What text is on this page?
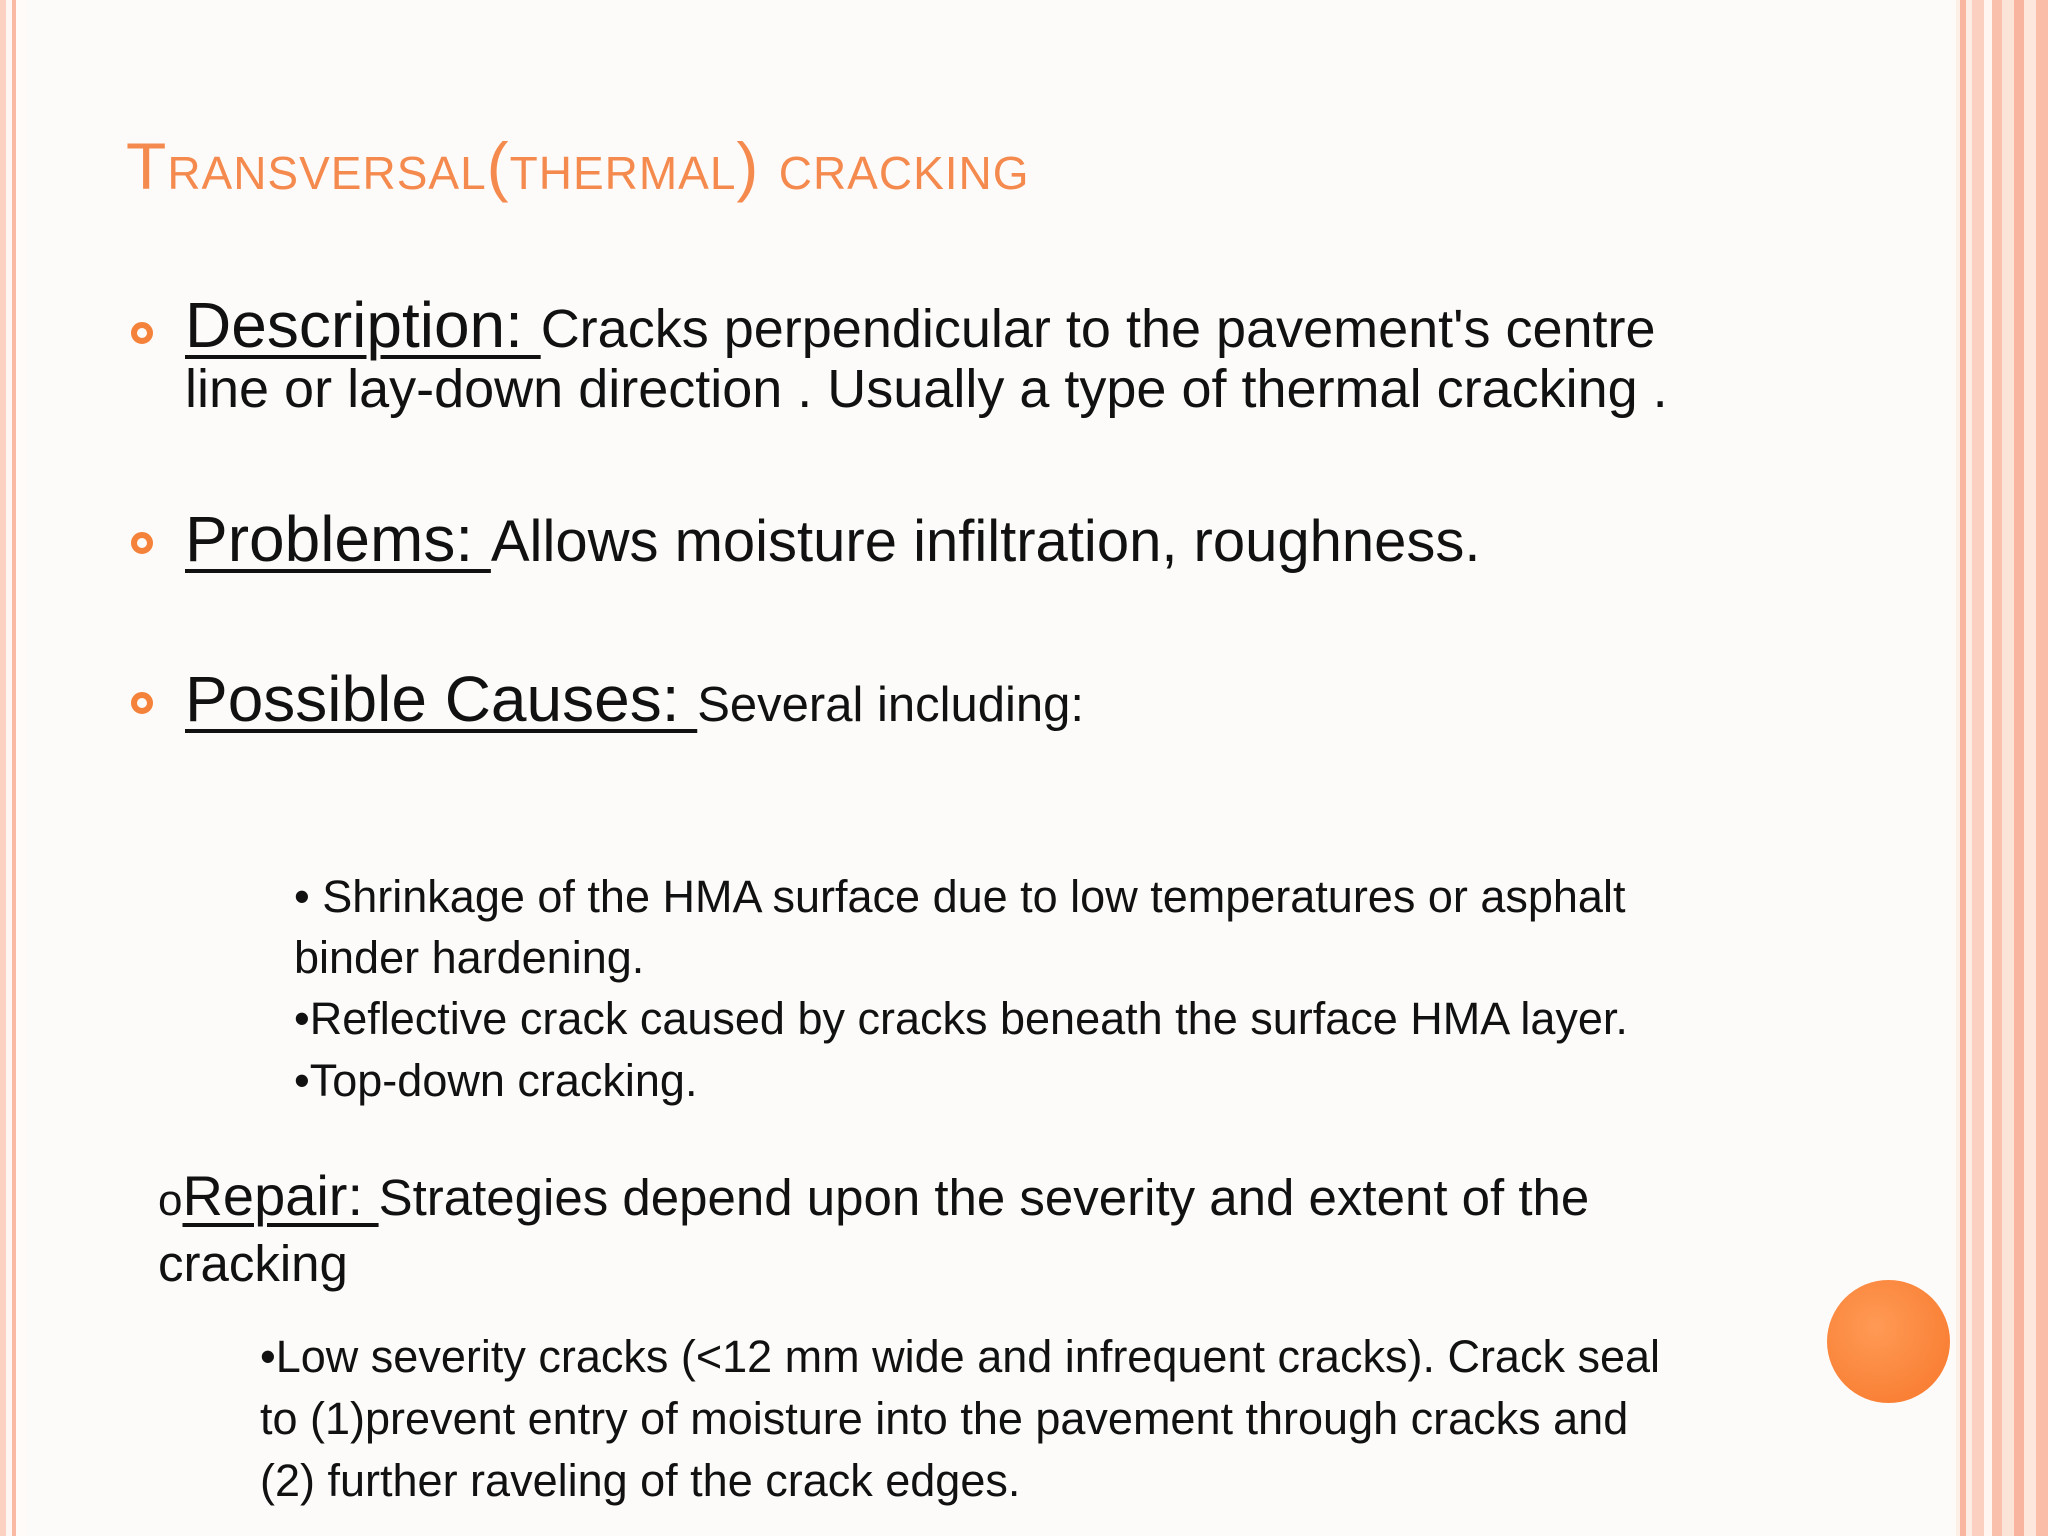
Transversal(thermal) cracking
Description: Cracks perpendicular to the pavement's centre
line or lay-down direction . Usually a type of thermal cracking .
Problems: Allows moisture infiltration, roughness.
Possible Causes: Several including:
• Shrinkage of the HMA surface due to low temperatures or asphalt
binder hardening.
•Reflective crack caused by cracks beneath the surface HMA layer.
•Top-down cracking.
oRepair: Strategies depend upon the severity and extent of the
cracking
•Low severity cracks (<12 mm wide and infrequent cracks). Crack seal
to (1)prevent entry of moisture into the pavement through cracks and
(2) further raveling of the crack edges.
